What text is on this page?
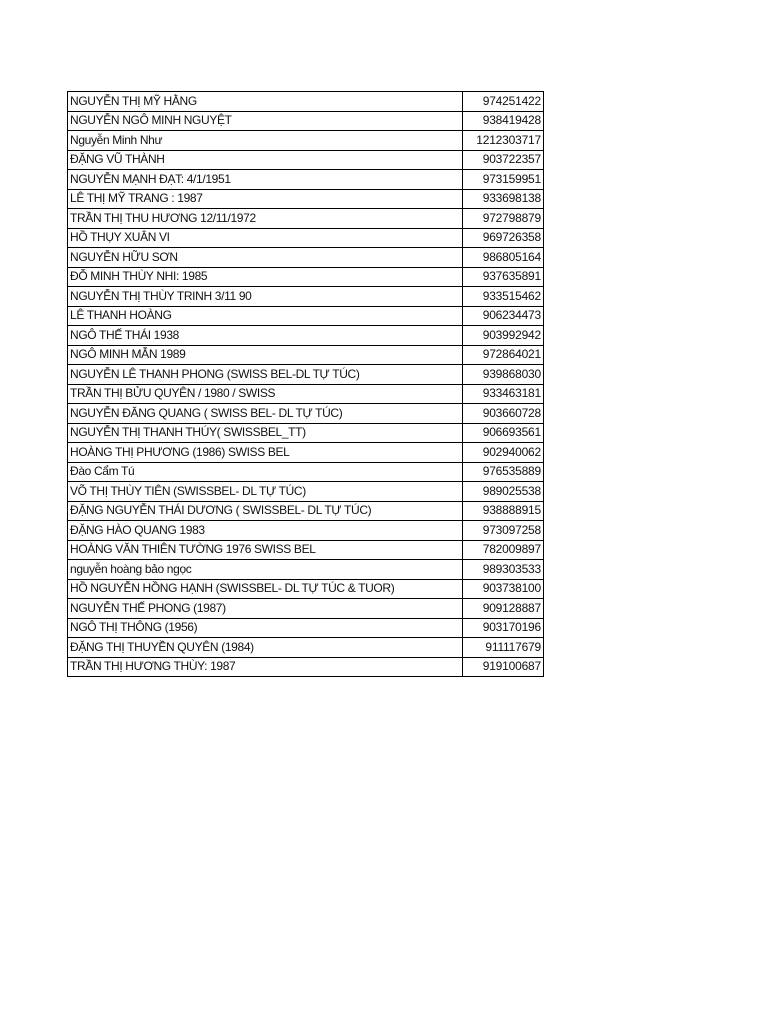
NGUYỄN THỊ MỸ HẰNG	974251422
NGUYỄN NGÔ MINH NGUYỆT	938419428
Nguyễn Minh Như	1212303717
ĐẶNG VŨ THÀNH	903722357
NGUYỄN MẠNH ĐẠT: 4/1/1951	973159951
LÊ THỊ MỸ TRANG : 1987	933698138
TRẦN THỊ THU HƯƠNG 12/11/1972	972798879
HỒ THỤY XUÂN VI	969726358
NGUYỄN HỮU SƠN	986805164
ĐỖ MINH THÙY NHI: 1985	937635891
NGUYỄN THỊ THÙY TRINH 3/11 90	933515462
LÊ THANH HOÀNG	906234473
NGÔ THẾ THÁI 1938	903992942
NGÔ MINH MẪN 1989	972864021
NGUYỄN LÊ THANH PHONG (SWISS BEL-DL TỰ TÚC)	939868030
TRẦN THỊ BỬU QUYÊN / 1980 / SWISS	933463181
NGUYỄN ĐĂNG QUANG ( SWISS BEL- DL TỰ TÚC)	903660728
NGUYỄN THỊ THANH THÚY( SWISSBEL_TT)	906693561
HOÀNG THỊ PHƯƠNG (1986) SWISS BEL	902940062
Đào Cẩm Tú	976535889
VÕ THỊ THÙY TIÊN (SWISSBEL- DL TỰ TÚC)	989025538
ĐẶNG NGUYỄN THÁI DƯƠNG ( SWISSBEL- DL TỰ TÚC)	938888915
ĐẶNG HÀO QUANG 1983	973097258
HOÀNG VĂN THIÊN TƯỜNG 1976 SWISS BEL	782009897
nguyễn hoàng bảo ngọc	989303533
HỒ NGUYỄN HỒNG HẠNH (SWISSBEL- DL TỰ TÚC & TUOR)	903738100
NGUYỄN THẾ PHONG (1987)	909128887
NGÔ THỊ THÔNG (1956)	903170196
ĐẶNG THỊ THUYỀN QUYÊN (1984)	911117679
TRẦN THỊ HƯƠNG THÙY: 1987	919100687
